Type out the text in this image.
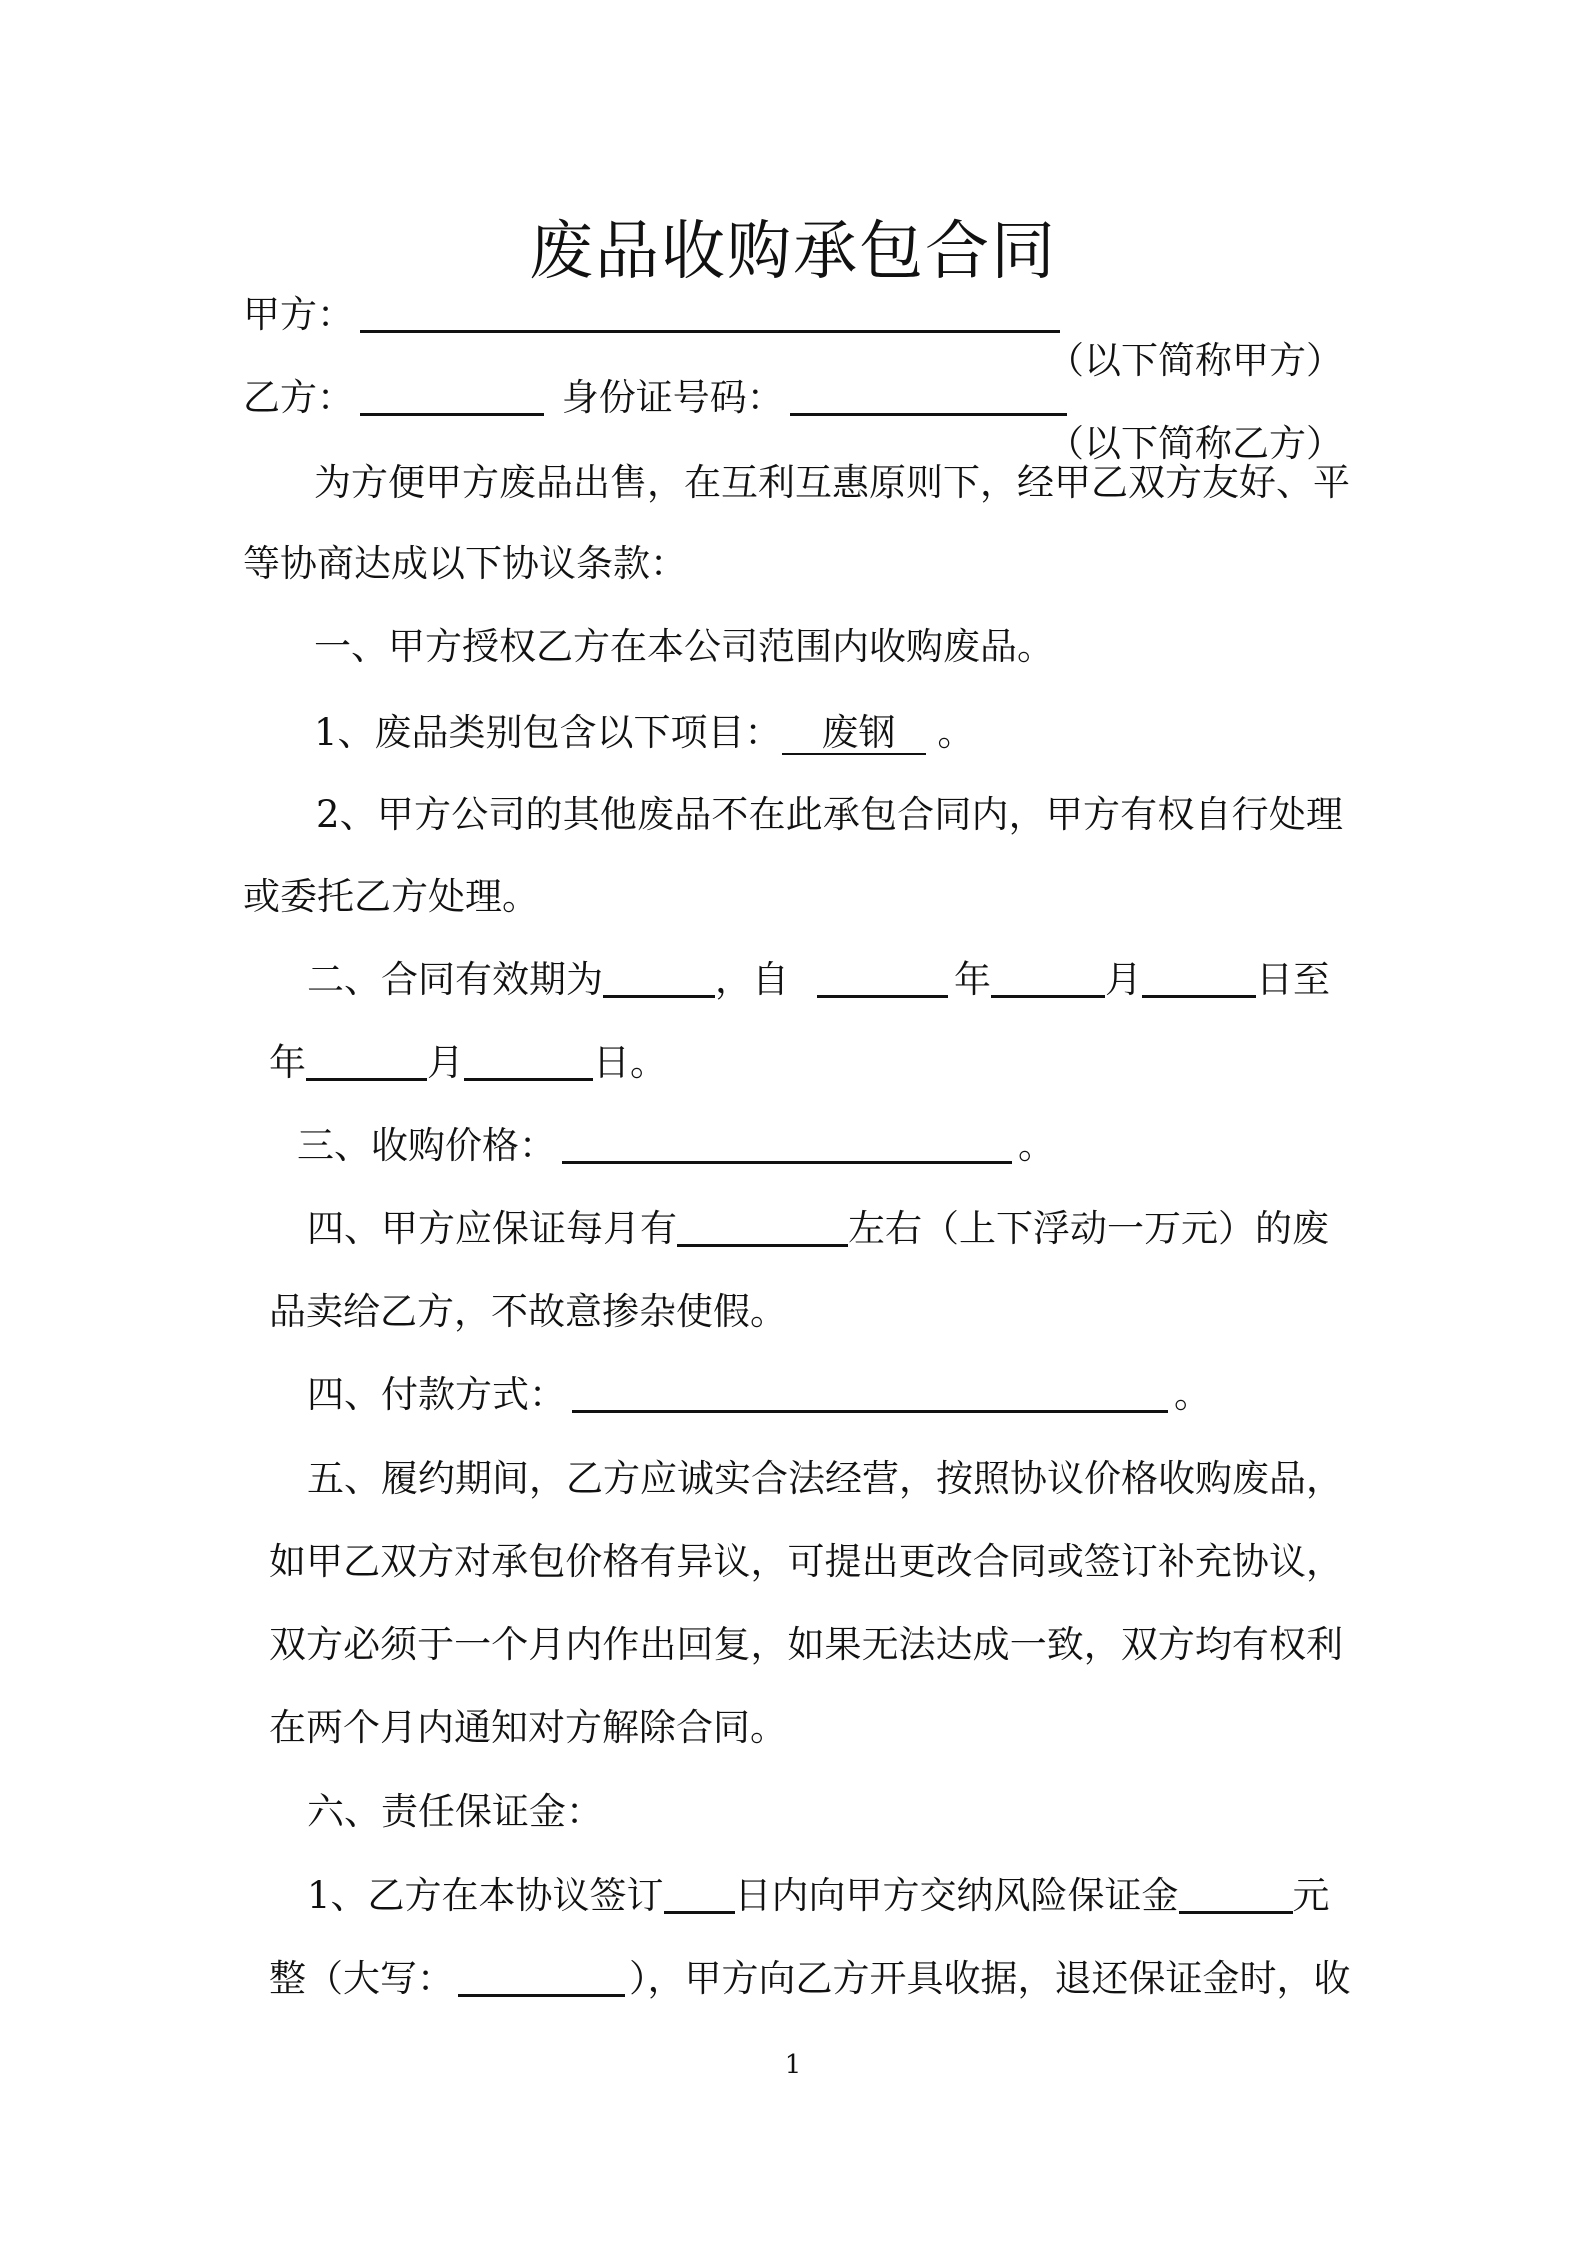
废品收购承包合同
甲方：
（以下简称甲方）
乙方：	身份证号码：
（以下简称乙方）
为方便甲方废品出售，在互利互惠原则下，经甲乙双方友好、平
等协商达成以下协议条款：
一、甲方授权乙方在本公司范围内收购废品。
1、废品类别包含以下项目： 废钢 。
2、甲方公司的其他废品不在此承包合同内，甲方有权自行处理
或委托乙方处理。
二、合同有效期为	，自	年	月	日至
年	月	日。
三、收购价格：	。
四、甲方应保证每月有	左右（上下浮动一万元）的废
品卖给乙方，不故意掺杂使假。
四、付款方式：	。
五、履约期间，乙方应诚实合法经营，按照协议价格收购废品，
如甲乙双方对承包价格有异议，可提出更改合同或签订补充协议，
双方必须于一个月内作出回复，如果无法达成一致，双方均有权利
在两个月内通知对方解除合同。
六、责任保证金：
1、乙方在本协议签订 日内向甲方交纳风险保证金	元
整（大写：	），甲方向乙方开具收据，退还保证金时，收
1
